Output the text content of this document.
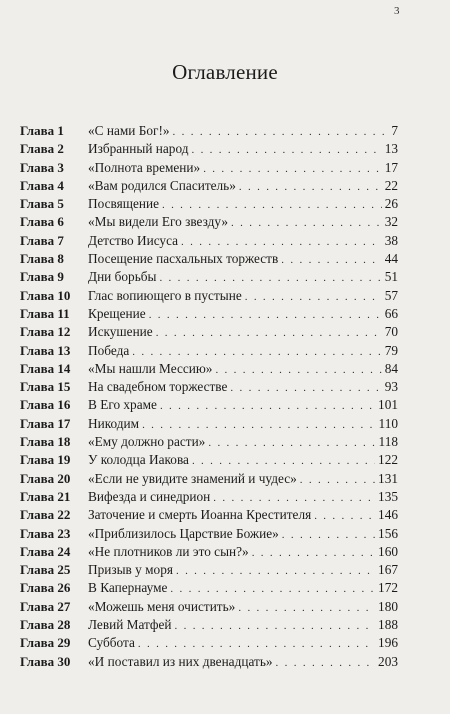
3
Оглавление
Глава 1	«С нами Бог!» . . .	7
Глава 2	Избранный народ . . .	13
Глава 3	«Полнота времени» . . .	17
Глава 4	«Вам родился Спаситель» . . .	22
Глава 5	Посвящение . . .	26
Глава 6	«Мы видели Его звезду» . . .	32
Глава 7	Детство Иисуса . . .	38
Глава 8	Посещение пасхальных торжеств . . .	44
Глава 9	Дни борьбы . . .	51
Глава 10	Глас вопиющего в пустыне . . .	57
Глава 11	Крещение . . .	66
Глава 12	Искушение . . .	70
Глава 13	Победа . . .	79
Глава 14	«Мы нашли Мессию» . . .	84
Глава 15	На свадебном торжестве . . .	93
Глава 16	В Его храме . . .	101
Глава 17	Никодим . . .	110
Глава 18	«Ему должно расти» . . .	118
Глава 19	У колодца Иакова . . .	122
Глава 20	«Если не увидите знамений и чудес» . . .	131
Глава 21	Вифезда и синедрион . . .	135
Глава 22	Заточение и смерть Иоанна Крестителя . . .	146
Глава 23	«Приблизилось Царствие Божие» . . .	156
Глава 24	«Не плотников ли это сын?» . . .	160
Глава 25	Призыв у моря . . .	167
Глава 26	В Капернауме . . .	172
Глава 27	«Можешь меня очистить» . . .	180
Глава 28	Левий Матфей . . .	188
Глава 29	Суббота . . .	196
Глава 30	«И поставил из них двенадцать» . . .	203
